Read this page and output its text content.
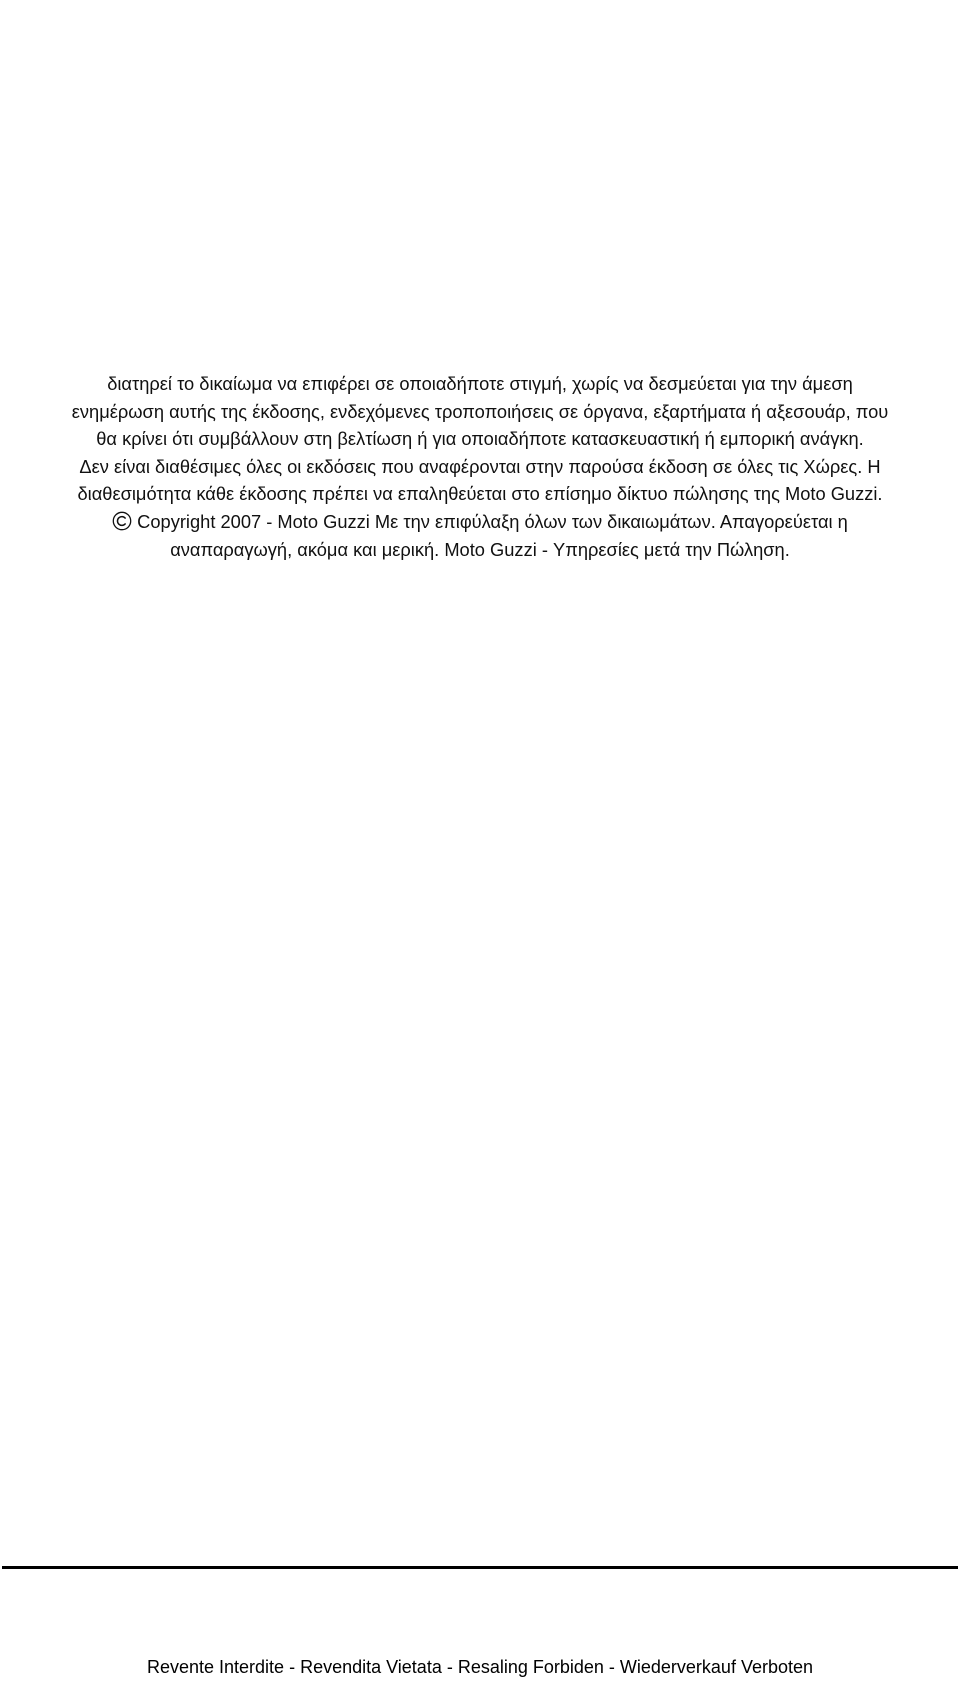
διατηρεί το δικαίωμα να επιφέρει σε οποιαδήποτε στιγμή, χωρίς να δεσμεύεται για την άμεση
ενημέρωση αυτής της έκδοσης, ενδεχόμενες τροποποιήσεις σε όργανα, εξαρτήματα ή αξεσουάρ, που
θα κρίνει ότι συμβάλλουν στη βελτίωση ή για οποιαδήποτε κατασκευαστική ή εμπορική ανάγκη.
Δεν είναι διαθέσιμες όλες οι εκδόσεις που αναφέρονται στην παρούσα έκδοση σε όλες τις Χώρες. Η
διαθεσιμότητα κάθε έκδοσης πρέπει να επαληθεύεται στο επίσημο δίκτυο πώλησης της Moto Guzzi.
Copyright 2007 - Moto Guzzi Με την επιφύλαξη όλων των δικαιωμάτων. Απαγορεύεται η
αναπαραγωγή, ακόμα και μερική. Moto Guzzi - Υπηρεσίες μετά την Πώληση.
Revente Interdite - Revendita Vietata - Resaling Forbiden - Wiederverkauf Verboten
